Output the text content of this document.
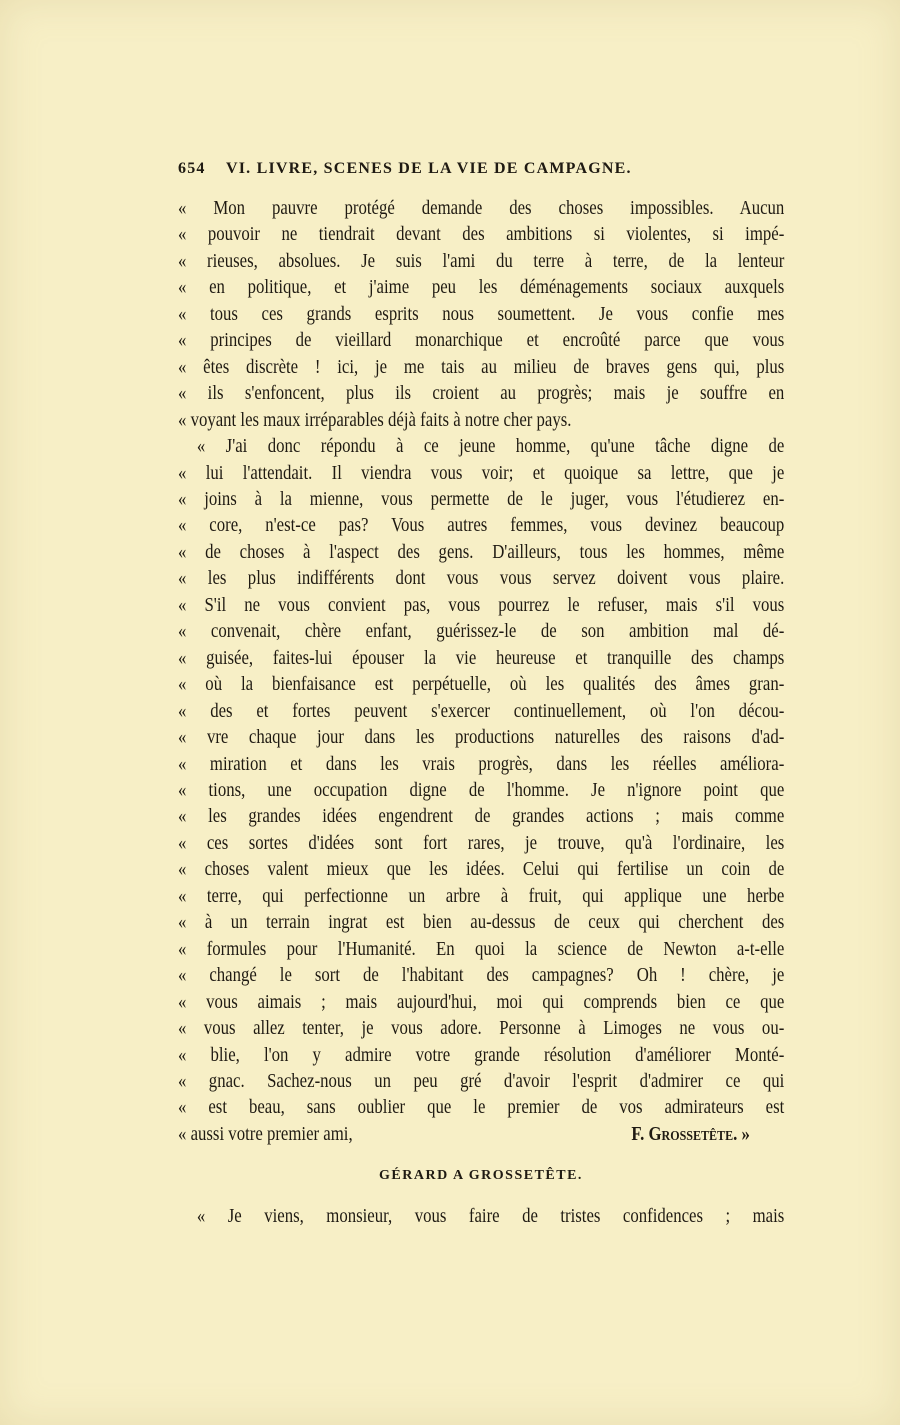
654 VI. LIVRE, SCENES DE LA VIE DE CAMPAGNE.
« Mon pauvre protégé demande des choses impossibles. Aucun
« pouvoir ne tiendrait devant des ambitions si violentes, si impé-
« rieuses, absolues. Je suis l'ami du terre à terre, de la lenteur
« en politique, et j'aime peu les déménagements sociaux auxquels
« tous ces grands esprits nous soumettent. Je vous confie mes
« principes de vieillard monarchique et encroûté parce que vous
« êtes discrète ! ici, je me tais au milieu de braves gens qui, plus
« ils s'enfoncent, plus ils croient au progrès; mais je souffre en
« voyant les maux irréparables déjà faits à notre cher pays.
« J'ai donc répondu à ce jeune homme, qu'une tâche digne de
« lui l'attendait. Il viendra vous voir; et quoique sa lettre, que je
« joins à la mienne, vous permette de le juger, vous l'étudierez en-
« core, n'est-ce pas? Vous autres femmes, vous devinez beaucoup
« de choses à l'aspect des gens. D'ailleurs, tous les hommes, même
« les plus indifférents dont vous vous servez doivent vous plaire.
« S'il ne vous convient pas, vous pourrez le refuser, mais s'il vous
« convenait, chère enfant, guérissez-le de son ambition mal dé-
« guisée, faites-lui épouser la vie heureuse et tranquille des champs
« où la bienfaisance est perpétuelle, où les qualités des âmes gran-
« des et fortes peuvent s'exercer continuellement, où l'on décou-
« vre chaque jour dans les productions naturelles des raisons d'ad-
« miration et dans les vrais progrès, dans les réelles améliora-
« tions, une occupation digne de l'homme. Je n'ignore point que
« les grandes idées engendrent de grandes actions ; mais comme
« ces sortes d'idées sont fort rares, je trouve, qu'à l'ordinaire, les
« choses valent mieux que les idées. Celui qui fertilise un coin de
« terre, qui perfectionne un arbre à fruit, qui applique une herbe
« à un terrain ingrat est bien au-dessus de ceux qui cherchent des
« formules pour l'Humanité. En quoi la science de Newton a-t-elle
« changé le sort de l'habitant des campagnes? Oh ! chère, je
« vous aimais ; mais aujourd'hui, moi qui comprends bien ce que
« vous allez tenter, je vous adore. Personne à Limoges ne vous ou-
« blie, l'on y admire votre grande résolution d'améliorer Monté-
« gnac. Sachez-nous un peu gré d'avoir l'esprit d'admirer ce qui
« est beau, sans oublier que le premier de vos admirateurs est
« aussi votre premier ami,	F. Grossetête. »
GÉRARD A GROSSETÊTE.
« Je viens, monsieur, vous faire de tristes confidences ; mais
